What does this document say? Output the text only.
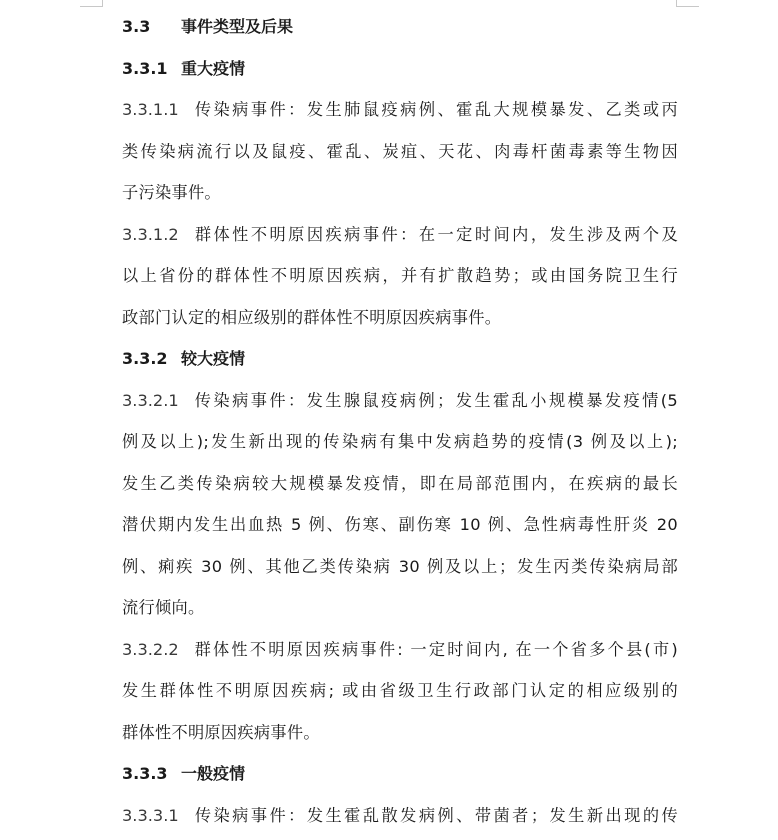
3.3 事件类型及后果
3.3.1 重大疫情
3.3.1.1 传染病事件：发生肺鼠疫病例、霍乱大规模暴发、乙类或丙
类传染病流行以及鼠疫、霍乱、炭疽、天花、肉毒杆菌毒素等生物因
子污染事件。
3.3.1.2 群体性不明原因疾病事件：在一定时间内，发生涉及两个及
以上省份的群体性不明原因疾病，并有扩散趋势；或由国务院卫生行
政部门认定的相应级别的群体性不明原因疾病事件。
3.3.2 较大疫情
3.3.2.1 传染病事件：发生腺鼠疫病例；发生霍乱小规模暴发疫情(5
例及以上);发生新出现的传染病有集中发病趋势的疫情(3 例及以上);
发生乙类传染病较大规模暴发疫情，即在局部范围内，在疾病的最长
潜伏期内发生出血热 5 例、伤寒、副伤寒 10 例、急性病毒性肝炎 20
例、痢疾 30 例、其他乙类传染病 30 例及以上；发生丙类传染病局部
流行倾向。
3.3.2.2 群体性不明原因疾病事件: 一定时间内, 在一个省多个县(市)
发生群体性不明原因疾病; 或由省级卫生行政部门认定的相应级别的
群体性不明原因疾病事件。
3.3.3 一般疫情
3.3.3.1 传染病事件：发生霍乱散发病例、带菌者；发生新出现的传
